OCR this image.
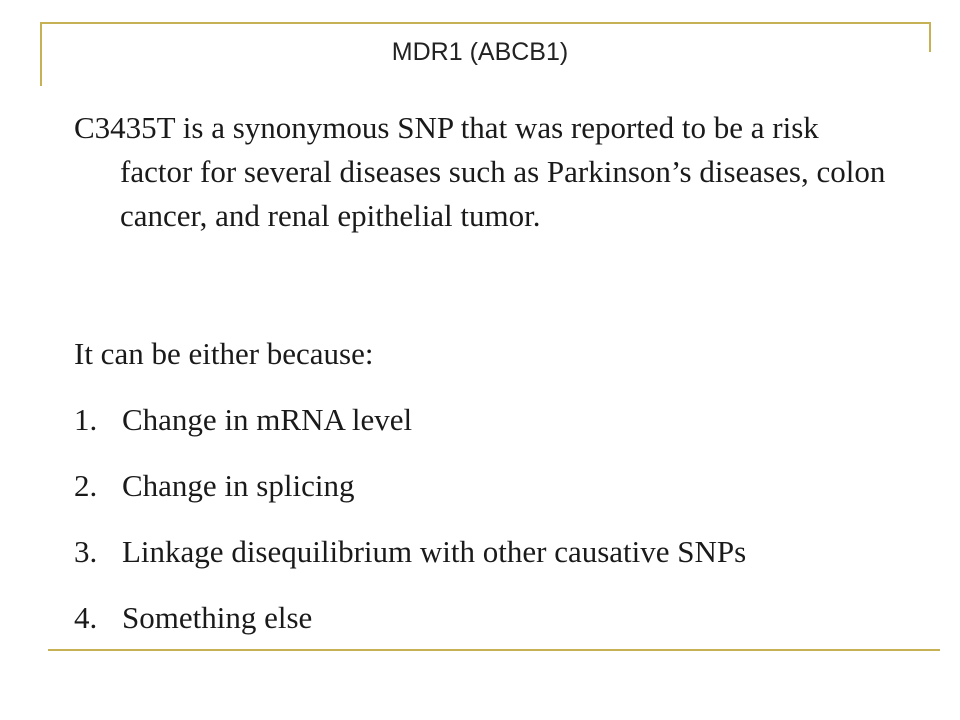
MDR1 (ABCB1)
C3435T is a synonymous SNP that was reported to be a risk factor for several diseases such as Parkinson’s diseases, colon cancer, and renal epithelial tumor.
It can be either because:
1. Change in mRNA level
2. Change in splicing
3. Linkage disequilibrium with other causative SNPs
4. Something else
